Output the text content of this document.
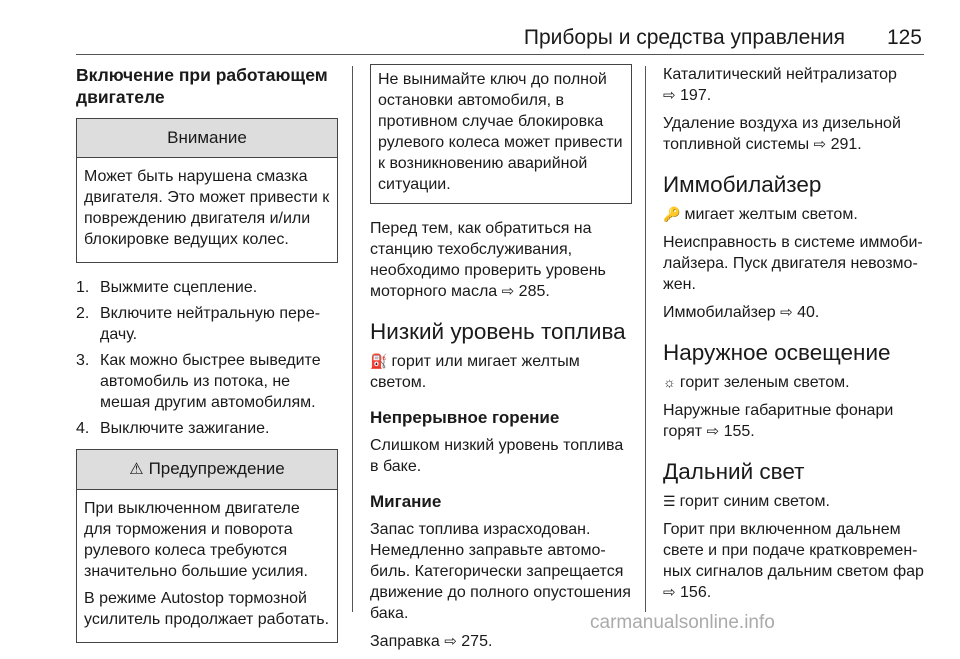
Приборы и средства управления 125
Включение при работающем двигателе
Внимание

Может быть нарушена смазка двигателя. Это может привести к повреждению двигателя и/или блокировке ведущих колес.

1. Выжмите сцепление.
2. Включите нейтральную передачу.
3. Как можно быстрее выведите автомобиль из потока, не мешая другим автомобилям.
4. Выключите зажигание.
⚠ Предупреждение

При выключенном двигателе для торможения и поворота рулевого колеса требуются значительно большие усилия.

В режиме Autostop тормозной усилитель продолжает работать.

Не вынимайте ключ до полной остановки автомобиля, в противном случае блокировка рулевого колеса может привести к возникновению аварийной ситуации.

Перед тем, как обратиться на станцию техобслуживания, необходимо проверить уровень моторного масла ⇨ 285.

Низкий уровень топлива

⛽ горит или мигает желтым светом.

Непрерывное горение

Слишком низкий уровень топлива в баке.

Мигание

Запас топлива израсходован. Немедленно заправьте автомобиль. Категорически запрещается движение до полного опустошения бака.

Заправка ⇨ 275.

Каталитический нейтрализатор
⇨ 197.

Удаление воздуха из дизельной топливной системы ⇨ 291.

Иммобилайзер

🔑 мигает желтым светом.

Неисправность в системе иммобилайзера. Пуск двигателя невозможен.

Иммобилайзер ⇨ 40.

Наружное освещение

☼ горит зеленым светом.

Наружные габаритные фонари горят ⇨ 155.

Дальний свет

☰ горит синим светом.

Горит при включенном дальнем свете и при подаче кратковременных сигналов дальним светом фар
⇨ 156.

carmanualsonline.info
